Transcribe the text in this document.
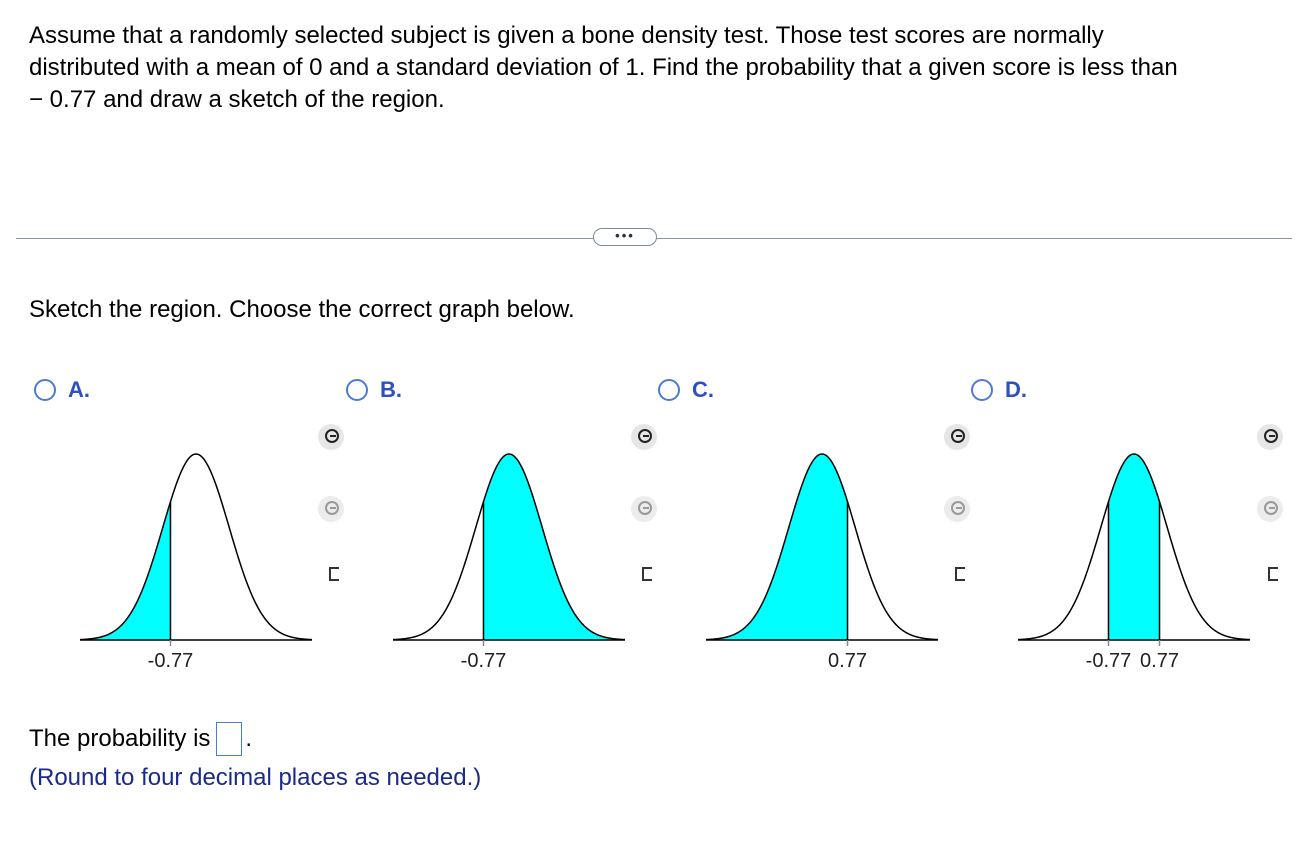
Assume that a randomly selected subject is given a bone density test. Those test scores are normally
distributed with a mean of 0 and a standard deviation of 1. Find the probability that a given score is less than
− 0.77 and draw a sketch of the region.
•••
Sketch the region. Choose the correct graph below.
A.
-0.77
B.
-0.77
C.
0.77
D.
-0.77 0.77
The probability is .
(Round to four decimal places as needed.)
